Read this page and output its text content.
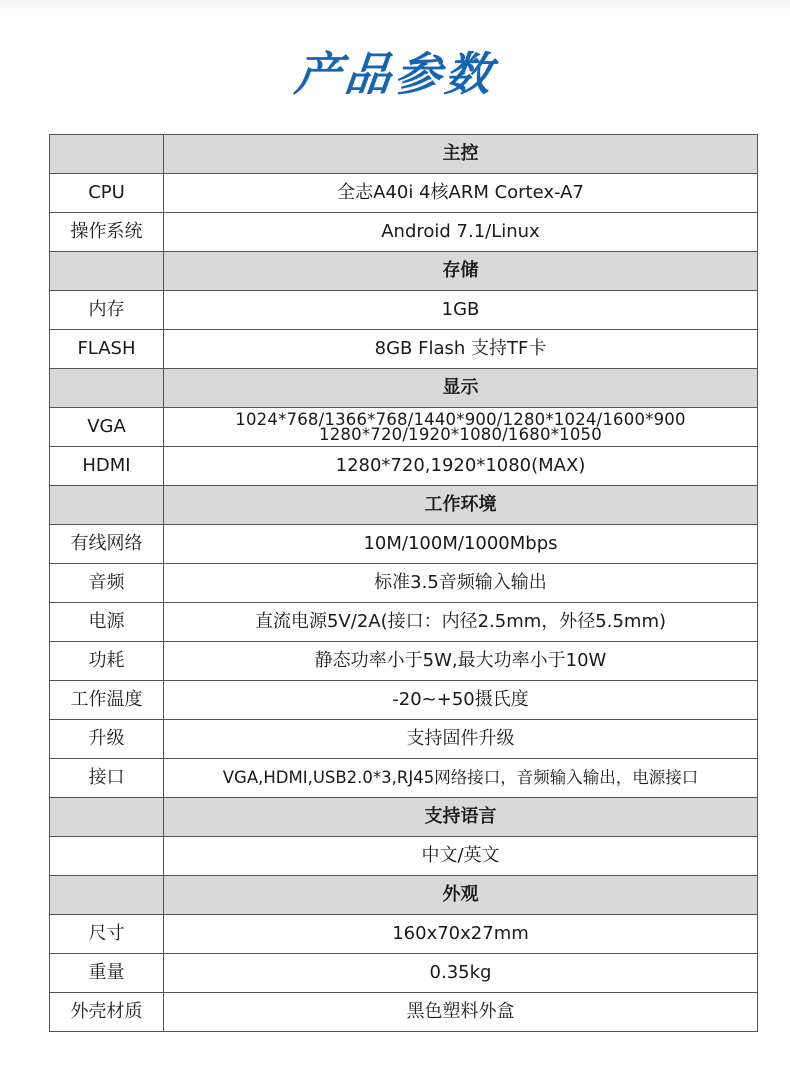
产品参数
	主控
CPU	全志A40i 4核ARM Cortex-A7
操作系统	Android 7.1/Linux
	存储
内存	1GB
FLASH	8GB Flash 支持TF卡
	显示
VGA	1024*768/1366*768/1440*900/1280*1024/1600*900
1280*720/1920*1080/1680*1050

HDMI	1280*720,1920*1080(MAX)
	工作环境
有线网络	10M/100M/1000Mbps
音频	标准3.5音频输入输出
电源	直流电源5V/2A(接口：内径2.5mm，外径5.5mm)
功耗	静态功率小于5W,最大功率小于10W
工作温度	-20~+50摄氏度
升级	支持固件升级
接口	VGA,HDMI,USB2.0*3,RJ45网络接口，音频输入输出，电源接口
	支持语言
	中文/英文
	外观
尺寸	160x70x27mm
重量	0.35kg
外壳材质	黑色塑料外盒
